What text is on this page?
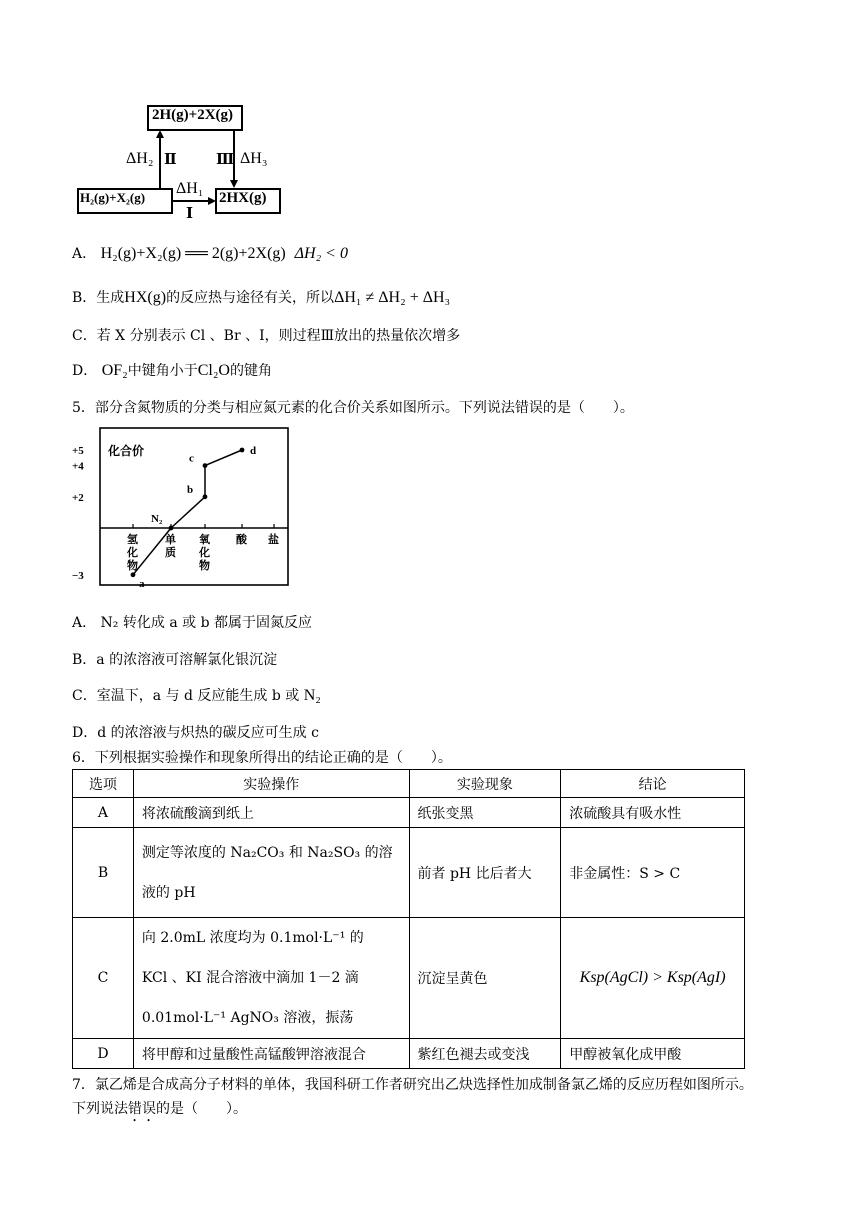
2H(g)+2X(g)
H₂(g)+X₂(g)	2HX(g)
ΔH₂ Ⅱ	Ⅲ ΔH₃
ΔH₁
Ⅰ
A． H₂(g)+X₂(g) ══ 2(g)+2X(g) ΔH₂ < 0
B．生成HX(g)的反应热与途径有关，所以ΔH₁ ≠ ΔH₂ + ΔH₃
C．若 X 分别表示 Cl 、Br 、I，则过程Ⅲ放出的热量依次增多
D． OF₂中键角小于Cl₂O的键角
5．部分含氮物质的分类与相应氮元素的化合价关系如图所示。下列说法错误的是（　　）。
+5
+4
+2
−3
化合价
氢
化
物
单
质
氧
化
物
酸 盐
a
N₂
b
c
d
A． N₂ 转化成 a 或 b 都属于固氮反应
B．a 的浓溶液可溶解氯化银沉淀
C．室温下，a 与 d 反应能生成 b 或 N₂
D．d 的浓溶液与炽热的碳反应可生成 c
6．下列根据实验操作和现象所得出的结论正确的是（　　）。
选项	实验操作	实验现象	结论
A	将浓硫酸滴到纸上	纸张变黑	浓硫酸具有吸水性
B	测定等浓度的 Na₂CO₃ 和 Na₂SO₃ 的溶
液的 pH	前者 pH 比后者大	非金属性：S > C
C	向 2.0mL 浓度均为 0.1mol·L⁻¹ 的
KCl 、KI 混合溶液中滴加 1－2 滴
0.01mol·L⁻¹ AgNO₃ 溶液，振荡	沉淀呈黄色	Ksp(AgCl) > Ksp(AgI)
D	将甲醇和过量酸性高锰酸钾溶液混合	紫红色褪去或变浅	甲醇被氧化成甲酸
7．氯乙烯是合成高分子材料的单体，我国科研工作者研究出乙炔选择性加成制备氯乙烯的反应历程如图所示。
下列说法错误的是（　　）。
